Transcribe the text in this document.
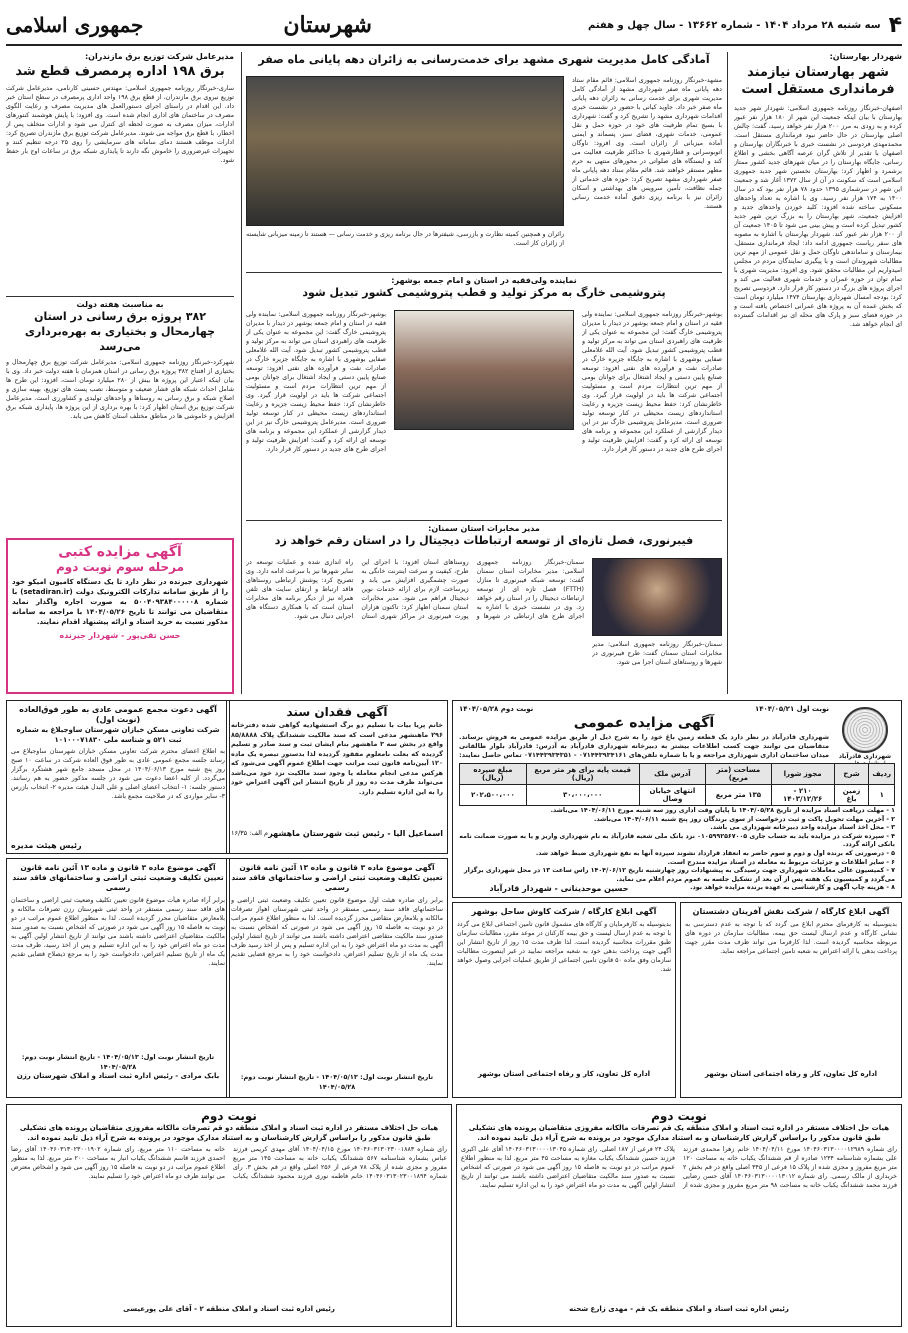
۴
سه شنبه ۲۸ مرداد ۱۴۰۴ - شماره ۱۳۶۶۲ - سال چهل و هفتم
شهرستان
جمهوری اسلامی
شهردار بهارستان:
شهر بهارستان نیازمند فرمانداری مستقل است
اصفهان-خبرنگار روزنامه جمهوری اسلامی: شهردار شهر جدید بهارستان با بیان اینکه جمعیت این شهر از ۱۸۰ هزار نفر عبور کرده و به زودی به مرز ۲۰۰ هزار نفر خواهد رسید، گفت: چالش اصلی بهارستان در حال حاضر نبود فرمانداری مستقل است. محمدمهدی فردوسی در نشست خبری با خبرنگاران بهارستان و اصفهان با تقدیر از تلاش گران عرصه آگاهی بخشی و اطلاع رسانی، جایگاه بهارستان را در میان شهرهای جدید کشور ممتاز برشمرد و اظهار کرد: بهارستان نخستین شهر جدید جمهوری اسلامی است که سکونت در آن از سال ۱۳۷۲ آغاز شد و جمعیت این شهر در سرشماری ۱۳۹۵ حدود ۷۸ هزار نفر بود که در سال ۱۴۰۰ به ۱۷۴ هزار نفر رسید. وی با اشاره به تعداد واحدهای مسکونی ساخته شده افزود: کلید خوردن واحدهای جدید و افزایش جمعیت، شهر بهارستان را به بزرگ ترین شهر جدید کشور تبدیل کرده است و پیش بینی می شود تا ۱۴۰۵ جمعیت آن از ۲۰۰ هزار نفر عبور کند. شهردار بهارستان با اشاره به مصوبه های سفر ریاست جمهوری ادامه داد: ایجاد فرمانداری مستقل، بیمارستان و ساماندهی ناوگان حمل و نقل عمومی از مهم ترین مطالبات شهروندان است و با پیگیری نمایندگان مردم در مجلس امیدواریم این مطالبات محقق شود. وی افزود: مدیریت شهری با تمام توان در حوزه عمران و خدمات شهری فعالیت می کند و اجرای پروژه های بزرگ در دستور کار قرار دارد. فردوسی تصریح کرد: بودجه امسال شهرداری بهارستان ۱۴۷۴ میلیارد تومان است که بخش عمده آن به پروژه های عمرانی اختصاص یافته است و در حوزه فضای سبز و پارک های محله ای نیز اقدامات گسترده ای انجام خواهد شد.
آمادگی کامل مدیریت شهری مشهد برای خدمت‌رسانی به زائران دهه پایانی ماه صفر
مشهد-خبرنگار روزنامه جمهوری اسلامی: قائم مقام ستاد دهه پایانی ماه صفر شهرداری مشهد از آمادگی کامل مدیریت شهری برای خدمت رسانی به زائران دهه پایانی ماه صفر خبر داد. جاوید کیانی با حضور در نشست خبری اقدامات شهرداری مشهد را تشریح کرد و گفت: شهرداری با بسیج تمام ظرفیت های خود در حوزه حمل و نقل عمومی، خدمات شهری، فضای سبز، پسماند و ایمنی آماده میزبانی از زائران است. وی افزود: ناوگان اتوبوسرانی و قطارشهری با حداکثر ظرفیت فعالیت می کند و ایستگاه های صلواتی در محورهای منتهی به حرم مطهر مستقر خواهند شد. قائم مقام ستاد دهه پایانی ماه صفر شهرداری مشهد تصریح کرد: حوزه های خدماتی از جمله نظافت، تأمین سرویس های بهداشتی و اسکان زائران نیز با برنامه ریزی دقیق آماده خدمت رسانی هستند.
زائران و همچنین کمیته نظارت و بازرسی، شیفترها در حال برنامه ریزی و خدمت رسانی — هستند تا زمینه میزبانی شایسته از زائران کار است.
نماینده ولی‌فقیه در استان و امام جمعه بوشهر:
پتروشیمی خارگ به مرکز تولید و قطب پتروشیمی کشور تبدیل شود
بوشهر-خبرنگار روزنامه جمهوری اسلامی: نماینده ولی فقیه در استان و امام جمعه بوشهر در دیدار با مدیران پتروشیمی خارگ گفت: این مجموعه به عنوان یکی از ظرفیت های راهبردی استان می تواند به مرکز تولید و قطب پتروشیمی کشور تبدیل شود. آیت الله غلامعلی صفایی بوشهری با اشاره به جایگاه جزیره خارگ در صادرات نفت و فرآورده های نفتی افزود: توسعه صنایع پایین دستی و ایجاد اشتغال برای جوانان بومی از مهم ترین انتظارات مردم است و مسئولیت اجتماعی شرکت ها باید در اولویت قرار گیرد. وی خاطرنشان کرد: حفظ محیط زیست جزیره و رعایت استانداردهای زیست محیطی در کنار توسعه تولید ضروری است. مدیرعامل پتروشیمی خارگ نیز در این دیدار گزارشی از عملکرد این مجموعه و برنامه های توسعه ای ارائه کرد و گفت: افزایش ظرفیت تولید و اجرای طرح های جدید در دستور کار قرار دارد.
بوشهر-خبرنگار روزنامه جمهوری اسلامی: نماینده ولی فقیه در استان و امام جمعه بوشهر در دیدار با مدیران پتروشیمی خارگ گفت: این مجموعه به عنوان یکی از ظرفیت های راهبردی استان می تواند به مرکز تولید و قطب پتروشیمی کشور تبدیل شود. آیت الله غلامعلی صفایی بوشهری با اشاره به جایگاه جزیره خارگ در صادرات نفت و فرآورده های نفتی افزود: توسعه صنایع پایین دستی و ایجاد اشتغال برای جوانان بومی از مهم ترین انتظارات مردم است و مسئولیت اجتماعی شرکت ها باید در اولویت قرار گیرد. وی خاطرنشان کرد: حفظ محیط زیست جزیره و رعایت استانداردهای زیست محیطی در کنار توسعه تولید ضروری است. مدیرعامل پتروشیمی خارگ نیز در این دیدار گزارشی از عملکرد این مجموعه و برنامه های توسعه ای ارائه کرد و گفت: افزایش ظرفیت تولید و اجرای طرح های جدید در دستور کار قرار دارد.
مدیر مخابرات استان سمنان:
فیبرنوری، فصل تازه‌ای از توسعه ارتباطات دیجیتال را در استان رقم خواهد زد
سمنان-خبرنگار روزنامه جمهوری اسلامی: مدیر مخابرات استان سمنان گفت: طرح فیبرنوری در شهرها و روستاهای استان اجرا می شود.
سمنان-خبرنگار روزنامه جمهوری اسلامی: مدیر مخابرات استان سمنان گفت: توسعه شبکه فیبرنوری تا منازل (FTTH) فصل تازه ای از توسعه ارتباطات دیجیتال را در استان رقم خواهد زد. وی در نشست خبری با اشاره به اجرای طرح های ارتباطی در شهرها و روستاهای استان افزود: با اجرای این طرح، کیفیت و سرعت اینترنت خانگی به صورت چشمگیری افزایش می یابد و زیرساخت لازم برای ارائه خدمات نوین دیجیتال فراهم می شود. مدیر مخابرات استان سمنان اظهار کرد: تاکنون هزاران پورت فیبرنوری در مراکز شهری استان راه اندازی شده و عملیات توسعه در سایر شهرها نیز با سرعت ادامه دارد. وی تصریح کرد: پوشش ارتباطی روستاهای فاقد ارتباط و ارتقای سایت های تلفن همراه نیز از دیگر برنامه های مخابرات استان است که با همکاری دستگاه های اجرایی دنبال می شود.
مدیرعامل شرکت توزیع برق مازندران:
برق ۱۹۸ اداره پرمصرف قطع شد
ساری-خبرنگار روزنامه جمهوری اسلامی: مهندس حسینی کارنامی، مدیرعامل شرکت توزیع نیروی برق مازندران، از قطع برق ۱۹۸ واحد اداری پرمصرف در سطح استان خبر داد. این اقدام در راستای اجرای دستورالعمل های مدیریت مصرف و رعایت الگوی مصرف در ساختمان های اداری انجام شده است. وی افزود: با پایش هوشمند کنتورهای ادارات، میزان مصرف به صورت لحظه ای کنترل می شود و ادارات متخلف پس از اخطار، با قطع برق مواجه می شوند. مدیرعامل شرکت توزیع برق مازندران تصریح کرد: ادارات موظف هستند دمای سامانه های سرمایشی را روی ۲۵ درجه تنظیم کنند و تجهیزات غیرضروری را خاموش نگه دارند تا پایداری شبکه برق در ساعات اوج بار حفظ شود.
به مناسبت هفته دولت
۳۸۲ پروژه برق رسانی در استان چهارمحال و بختیاری به بهره‌برداری می‌رسد
شهرکرد-خبرنگار روزنامه جمهوری اسلامی: مدیرعامل شرکت توزیع برق چهارمحال و بختیاری از افتتاح ۳۸۲ پروژه برق رسانی در استان همزمان با هفته دولت خبر داد. وی با بیان اینکه اعتبار این پروژه ها بیش از ۲۸۰ میلیارد تومان است، افزود: این طرح ها شامل احداث شبکه های فشار ضعیف و متوسط، نصب پست های توزیع، بهینه سازی و اصلاح شبکه و برق رسانی به روستاها و واحدهای تولیدی و کشاورزی است. مدیرعامل شرکت توزیع برق استان اظهار کرد: با بهره برداری از این پروژه ها، پایداری شبکه برق افزایش و خاموشی ها در مناطق مختلف استان کاهش می یابد.
آگهی مزایده کتبی
مرحله سوم نوبت دوم
شهرداری جیرنده در نظر دارد تا یک دستگاه کامیون امیکو خود را از طریق سامانه تدارکات الکترونیک دولت (setadiran.ir) با شماره ۵۰۰۴۰۹۳۸۴۰۰۰۰۰۸ به صورت اجاره واگذار نماید متقاضیان می توانند تا تاریخ ۱۴۰۴/۰۵/۲۶ با مراجعه به سامانه مذکور نسبت به خرید اسناد و ارائه پیشنهاد اقدام نمایند.
حسن تقی‌پور - شهردار جیرنده
شهرداری قادرآباد
نوبت اول ۱۴۰۴/۰۵/۲۱
نوبت دوم ۱۴۰۴/۰۵/۲۸
آگهی مزایده عمومی
شهرداری قادرآباد در نظر دارد یک قطعه زمین باغ خود را به شرح ذیل از طریق مزایده عمومی به فروش برساند. متقاضیان می توانند جهت کسب اطلاعات بیشتر به دبیرخانه شهرداری قادرآباد به آدرس: قادرآباد بلوار طالقانی میدان ساختمان اداری شهرداری مراجعه و یا با شماره تلفن‌های ۰۷۱۴۴۳۹۳۴۱۶۱ - ۰۷۱۴۴۳۹۳۴۳۵۱ تماس حاصل نمایند:
ردیف	شرح	مجوز شورا	مساحت (متر مربع)	آدرس ملک	قیمت پایه برای هر متر مربع (ریال)	مبلغ سپرده (ریال)
۱	زمین باغ	۲۱۰ - ۱۴۰۳/۱۲/۲۶	۱۳۵ متر مربع	انتهای خیابان وصال	۳۰،۰۰۰،۰۰۰	۲۰۲،۵۰۰،۰۰۰
۱ - مهلت دریافت اسناد مزایده از تاریخ ۱۴۰۴/۰۵/۲۸ تا پایان وقت اداری روز سه شنبه مورخ ۱۴۰۴/۰۶/۱۱ می‌باشد.
۲ - آخرین مهلت تحویل پاکت و ثبت درخواست از سوی برندگان روز پنج شنبه ۱۴۰۴/۰۶/۱۱ می‌باشد.
۳ - محل اخذ اسناد مزایده واحد دبیرخانه شهرداری می باشد.
۴ - سپرده شرکت در مزایده باید به حساب جاری ۰۱۰۵۹۹۲۵۶۷۰۰۵ نزد بانک ملی شعبه قادرآباد به نام شهرداری واریز و یا به صورت ضمانت نامه بانکی ارائه گردد.
۵ - درصورتی که برنده اول و دوم و سوم حاضر به انعقاد قرارداد نشوند سپرده آنها به نفع شهرداری ضبط خواهد شد.
۶ - سایر اطلاعات و جزئیات مربوط به معامله در اسناد مزایده مندرج است.
۷ - کمیسیون عالی معاملات شهرداری جهت رسیدگی به پیشنهادات روز چهارشنبه تاریخ ۱۴۰۴/۰۶/۱۲ راس ساعت ۱۳ در محل شهرداری برگزار می‌گردد و کمیسیون یک هفته پس از آن بعد از تشکیل جلسه به عموم مردم اعلام می نماید.
۸ - هزینه چاپ آگهی و کارشناسی به عهده برنده مزایده خواهد بود.
حسین موحدینانی - شهردار قادرآباد
آگهی فقدان سند
خانم پریا بیات با تسلیم دو برگ استشهادیه گواهی شده دفترخانه ۲۹۶ ماهنشهر مدعی است که سند مالکیت ششدانگ پلاک ۸۵/۸۸۸۸ واقع در بخش سه ۳ ماهشهر بنام ایشان ثبت و سند صادر و تسلیم گردیده که بعلت نامعلوم مفقود گردیده لذا بدستور تبصره یک ماده ۱۲۰ آیین‌نامه قانون ثبت مراتب جهت اطلاع عموم آگهی می‌شود که هرکس مدعی انجام معامله یا وجود سند مالکیت نزد خود می‌باشد می‌تواند ظرف مدت ده روز از تاریخ انتشار این آگهی اعتراض خود را به این اداره تسلیم دارد.
اسماعیل الیا - رئیس ثبت شهرستان ماهشهر
م الف: ۱۶/۳۵
آگهی دعوت مجمع عمومی عادی به طور فوق‌العاده (نوبت اول)
شرکت تعاونی مسکن خبازان شهرستان ساوجبلاغ به شماره ثبت ۵۲۱ و شناسه ملی ۱۰۱۰۰۰۷۱۸۳۰
به اطلاع اعضای محترم شرکت تعاونی مسکن خبازان شهرستان ساوجبلاغ می رساند جلسه مجمع عمومی عادی به طور فوق العاده شرکت در ساعت ۱۰ صبح روز پنج شنبه مورخ ۱۴۰۴/۰۶/۱۳ در محل مسجد جامع شهر هشتگرد برگزار می‌گردد. از کلیه اعضا دعوت می شود در جلسه مذکور حضور به هم رسانند. دستور جلسه: ۱- انتخاب اعضای اصلی و علی البدل هیئت مدیره ۲- انتخاب بازرس ۳- سایر مواردی که در صلاحیت مجمع باشد.
رئیس هیئت مدیره
آگهی موضوع ماده ۳ قانون و ماده ۱۳ آئین نامه قانون تعیین تکلیف وضعیت ثبتی اراضی و ساختمانهای فاقد سند رسمی
برابر رای صادره هیئت اول موضوع قانون تعیین تکلیف وضعیت ثبتی اراضی و ساختمانهای فاقد سند رسمی مستقر در واحد ثبتی شهرستان اهواز تصرفات مالکانه و بلامعارض متقاضی محرز گردیده است. لذا به منظور اطلاع عموم مراتب در دو نوبت به فاصله ۱۵ روز آگهی می شود در صورتی که اشخاص نسبت به صدور سند مالکیت متقاضی اعتراضی داشته باشند می توانند از تاریخ انتشار اولین آگهی به مدت دو ماه اعتراض خود را به این اداره تسلیم و پس از اخذ رسید ظرف مدت یک ماه از تاریخ تسلیم اعتراض، دادخواست خود را به مرجع قضایی تقدیم نمایند.
تاریخ انتشار نوبت اول: ۱۴۰۴/۰۵/۱۳ - تاریخ انتشار نوبت دوم: ۱۴۰۴/۰۵/۲۸
آگهی موضوع ماده ۳ قانون و ماده ۱۳ آئین نامه قانون تعیین تکلیف وضعیت ثبتی اراضی و ساختمانهای فاقد سند رسمی
برابر آراء صادره هیأت موضوع قانون تعیین تکلیف وضعیت ثبتی اراضی و ساختمان های فاقد سند رسمی مستقر در واحد ثبتی شهرستان رزن تصرفات مالکانه و بلامعارض متقاضیان محرز گردیده است. لذا به منظور اطلاع عموم مراتب در دو نوبت به فاصله ۱۵ روز آگهی می شود در صورتی که اشخاص نسبت به صدور سند مالکیت متقاضیان اعتراضی داشته باشند می توانند از تاریخ انتشار اولین آگهی به مدت دو ماه اعتراض خود را به این اداره تسلیم و پس از اخذ رسید، ظرف مدت یک ماه از تاریخ تسلیم اعتراض، دادخواست خود را به مرجع ذیصلاح قضایی تقدیم نمایند.
تاریخ انتشار نوبت اول: ۱۴۰۴/۰۵/۱۳ - تاریخ انتشار نوبت دوم: ۱۴۰۴/۰۵/۲۸
بابک مرادی - رئیس اداره ثبت اسناد و املاک شهرستان رزن
آگهی ابلاغ کارگاه / شرکت نقش آفرینان دشتستان
بدینوسیله به کارفرمای محترم ابلاغ می گردد که با توجه به عدم دسترسی به نشانی کارگاه و عدم ارسال لیست حق بیمه، مطالبات سازمان در دوره های مربوطه محاسبه گردیده است. لذا کارفرما می تواند ظرف مدت مقرر جهت پرداخت بدهی یا ارائه اعتراض به شعبه تامین اجتماعی مراجعه نماید.
اداره کل تعاون، کار و رفاه اجتماعی استان بوشهر
آگهی ابلاغ کارگاه / شرکت کاوش ساحل بوشهر
بدینوسیله به کارفرمایان و کارگاه های مشمول قانون تامین اجتماعی ابلاغ می گردد با توجه به عدم ارسال لیست و حق بیمه کارکنان در موعد مقرر، مطالبات سازمان طبق مقررات محاسبه گردیده است. لذا ظرف مدت ۱۵ روز از تاریخ انتشار این آگهی جهت پرداخت بدهی خود به شعبه مراجعه نمایید در غیر اینصورت مطالبات سازمان وفق ماده ۵۰ قانون تامین اجتماعی از طریق عملیات اجرایی وصول خواهد شد.
اداره کل تعاون، کار و رفاه اجتماعی استان بوشهر
نوبت دوم
هیات حل اختلاف مستقر در اداره ثبت اسناد و املاک منطقه یک قم تصرفات مالکانه مفروزی متقاضیان پرونده های تشکیلی طبق قانون مذکور را براساس گزارش کارشناسان و به استناد مدارک موجود در پرونده به شرح آراء ذیل تایید نموده اند.
رای شماره ۱۴۰۴۶۰۳۱۳۰۰۰۰۱۲۹۸۹ مورخ ۱۴۰۴/۰۴/۱۱ خانم زهرا محمدی فرزند علی بشماره شناسنامه ۱۲۳۴ صادره از قم ششدانگ یکباب خانه به مساحت ۱۲۰ متر مربع مفروز و مجزی شده از پلاک ۱۵ فرعی از ۳۴۵ اصلی واقع در قم بخش ۲ خریداری از مالک رسمی. رای شماره ۱۴۰۴۶۰۳۱۳۰۰۰۰۱۳۰۱۲ آقای حسن رضایی فرزند محمد ششدانگ یکباب خانه به مساحت ۹۸ متر مربع مفروز و مجزی شده از پلاک ۲۴ فرعی از ۱۸۷ اصلی. رای شماره ۱۴۰۴۶۰۳۱۳۰۰۰۰۱۳۰۴۵ آقای علی اکبری فرزند حسین ششدانگ یکباب مغازه به مساحت ۴۵ متر مربع. لذا به منظور اطلاع عموم مراتب در دو نوبت به فاصله ۱۵ روز آگهی می شود در صورتی که اشخاص نسبت به صدور سند مالکیت متقاضیان اعتراضی داشته باشند می توانند از تاریخ انتشار اولین آگهی به مدت دو ماه اعتراض خود را به این اداره تسلیم نمایند.
رئیس اداره ثبت اسناد و املاک منطقه یک قم - مهدی زارع شحنه
نوبت دوم
هیات حل اختلاف مستقر در اداره ثبت اسناد و املاک منطقه دو قم تصرفات مالکانه مفروزی متقاضیان پرونده های تشکیلی طبق قانون مذکور را براساس گزارش کارشناسان و به استناد مدارک موجود در پرونده به شرح آراء ذیل تایید نموده اند.
رای شماره ۱۴۰۴۶۰۳۱۳۰۲۳۰۰۱۸۸۳ مورخ ۱۴۰۴/۰۴/۱۵ آقای مهدی کریمی فرزند عباس بشماره شناسنامه ۵۶۷ ششدانگ یکباب خانه به مساحت ۱۴۵ متر مربع مفروز و مجزی شده از پلاک ۷۸ فرعی از ۲۵۶ اصلی واقع در قم بخش ۳. رای شماره ۱۴۰۴۶۰۳۱۳۰۲۳۰۰۱۸۹۴ خانم فاطمه نوری فرزند محمود ششدانگ یکباب خانه به مساحت ۱۱۰ متر مربع. رای شماره ۱۴۰۴۶۰۳۱۳۰۲۳۰۰۱۹۰۲ آقای رضا احمدی فرزند قاسم ششدانگ یکباب انبار به مساحت ۲۰۰ متر مربع. لذا به منظور اطلاع عموم مراتب در دو نوبت به فاصله ۱۵ روز آگهی می شود و اشخاص معترض می توانند ظرف دو ماه اعتراض خود را تسلیم نمایند.
رئیس اداره ثبت اسناد و املاک منطقه ۲ - آقای علی پورعیسی
